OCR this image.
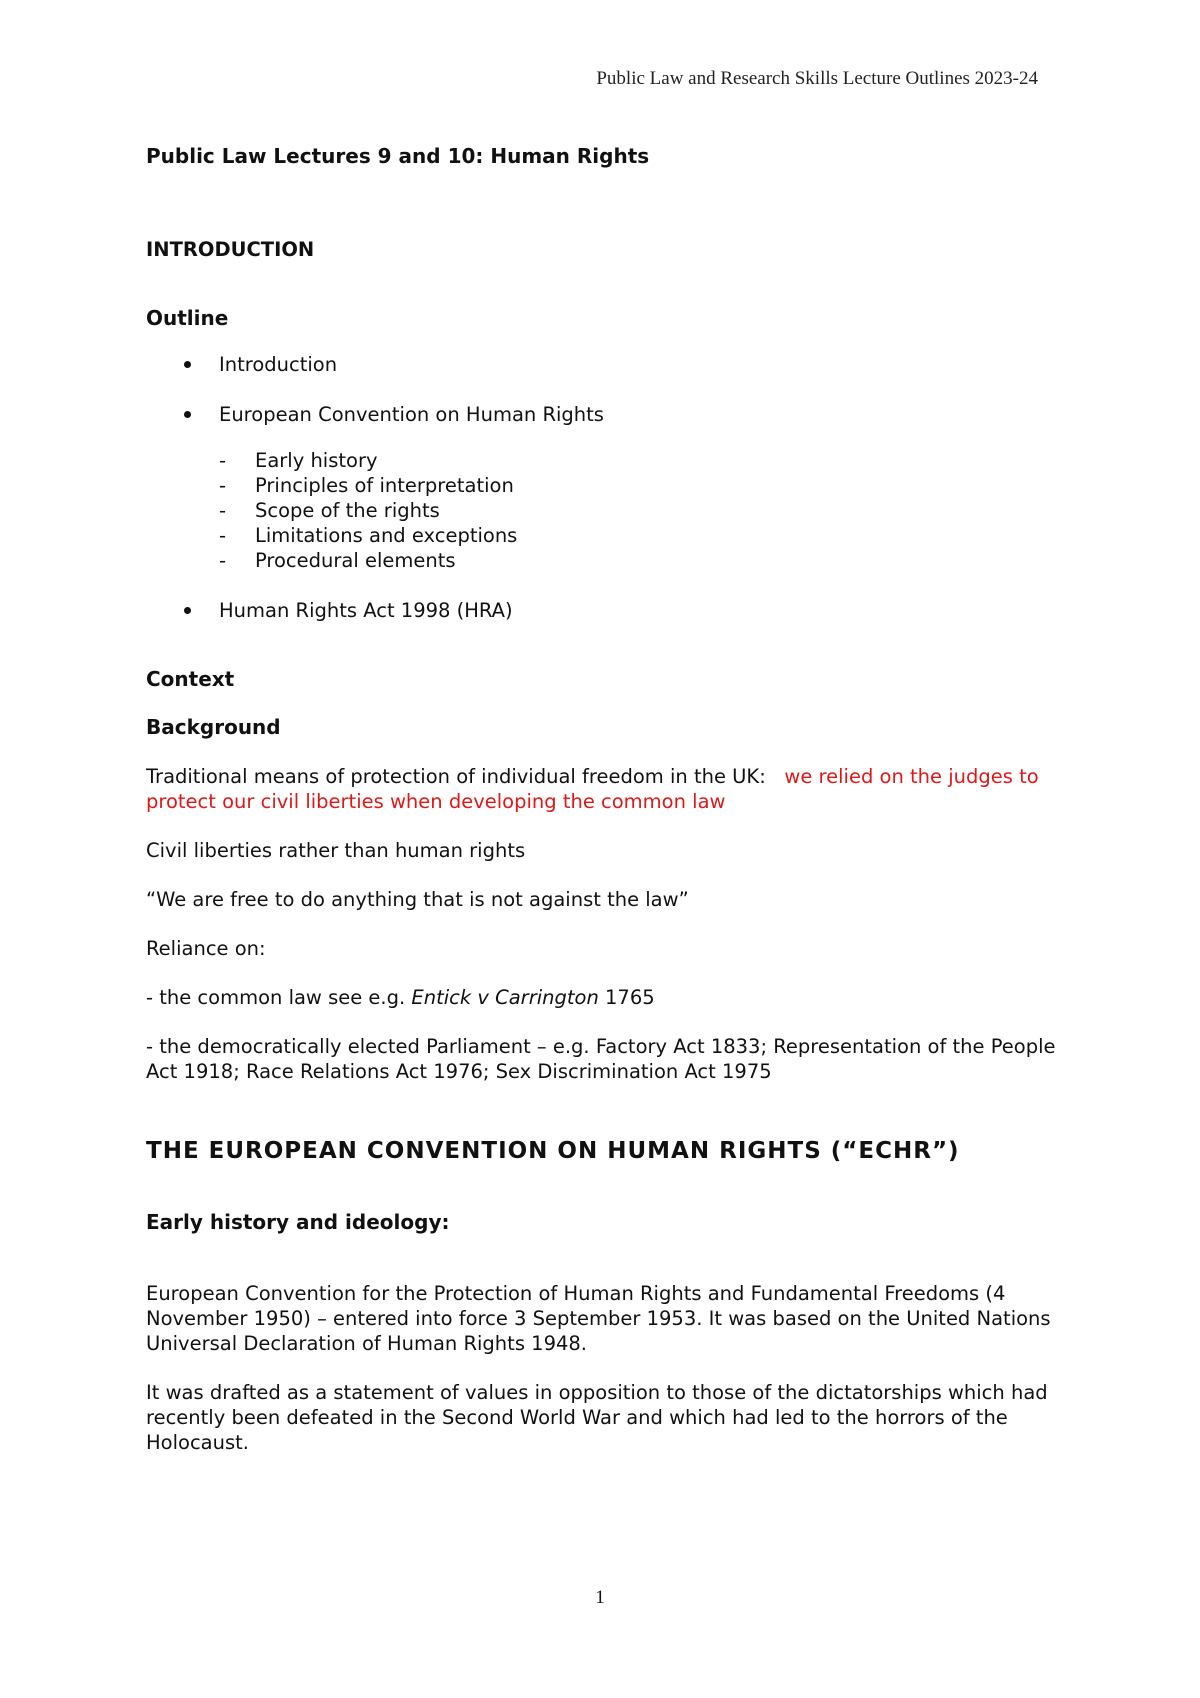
Public Law and Research Skills Lecture Outlines 2023-24

Public Law Lectures 9 and 10: Human Rights

INTRODUCTION

Outline

Introduction
European Convention on Human Rights
- Early history
- Principles of interpretation
- Scope of the rights
- Limitations and exceptions
- Procedural elements
Human Rights Act 1998 (HRA)

Context

Background

Traditional means of protection of individual freedom in the UK: we relied on the judges to protect our civil liberties when developing the common law

Civil liberties rather than human rights

“We are free to do anything that is not against the law”

Reliance on:

- the common law see e.g. Entick v Carrington 1765

- the democratically elected Parliament – e.g. Factory Act 1833; Representation of the People Act 1918; Race Relations Act 1976; Sex Discrimination Act 1975

THE EUROPEAN CONVENTION ON HUMAN RIGHTS (“ECHR”)

Early history and ideology:

European Convention for the Protection of Human Rights and Fundamental Freedoms (4 November 1950) – entered into force 3 September 1953. It was based on the United Nations Universal Declaration of Human Rights 1948.

It was drafted as a statement of values in opposition to those of the dictatorships which had recently been defeated in the Second World War and which had led to the horrors of the Holocaust.

1
